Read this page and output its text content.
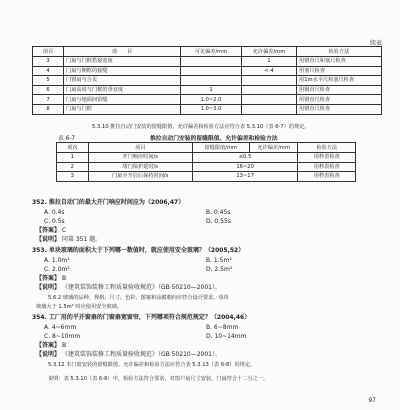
续表
项目	项 目	可见偏差/mm	允许偏差/mm	检验方法
3	门扇与门框搭接宽度		1	用钢直尺和塞尺检查
4	门扇与侧框的接缝		<-4	用塞尺检查
5	门窗扇与合页			用1m水平尺和塞尺检查
6	门扇高度与门框的垂直度	1		用钢直尺检查
7	门扇与地面间留缝	1.0~2.0		用钢直尺检查
8	门扇与门框	1.0~3.0		用钢直尺检查
5.3.10 推拉自动门安装的留缝限值、允许偏差和检验方法应符合表 5.3.10（表 6-7）的规定。
表 6-7	推拉自动门安装的留缝限值、允许偏差和检验方法
项次	项目	留缝限值/mm	允许偏差/mm	检验方法
1	开门响应时间/s	≤0.5		用秒表检查
2	堵门保护延时/s	16~20		用秒表检查
3	门扇全开启后保持时间/s	13~17		用秒表检查
352. 推拉自动门的最大开门响应时间应为（2006,47）
A. 0.4s	B. 0.45s
C. 0.5s	D. 0.55s
【答案】 C
【说明】 同第 351 题。
353. 单块玻璃的面积大于下列哪一数值时，就应使用安全玻璃？（2005,52）
A. 1.0m²	B. 1.5m²
C. 2.0m²	D. 2.5m²
【答案】 B
【说明】 《建筑装饰装修工程质量验收规范》（GB 50210—2001）。
5.6.2 玻璃的品种、规格、尺寸、色彩、图案和涂膜朝向应符合设计要求。单块
玻璃大于 1.5m² 时应使用安全玻璃。
354. 工厂用的平开窗扇的门窗扇宽窗帘，下列哪项符合规范规定？（2004,46）
A. 4~6mm	B. 6~8mm
C. 8~10mm	D. 10~14mm
【答案】 B
【说明】 《建筑装饰装修工程质量验收规范》（GB 50210—2001）。
5.3.12 木门窗安装的留缝限值、允许偏差和检验方法应符合表 5.3.13（表 6-8）的规定。
说明：表 5.3.10（表 6-8）中，检验方法符合要求，对窗户扇尺寸安装，门扇符合十二分之一。
97
